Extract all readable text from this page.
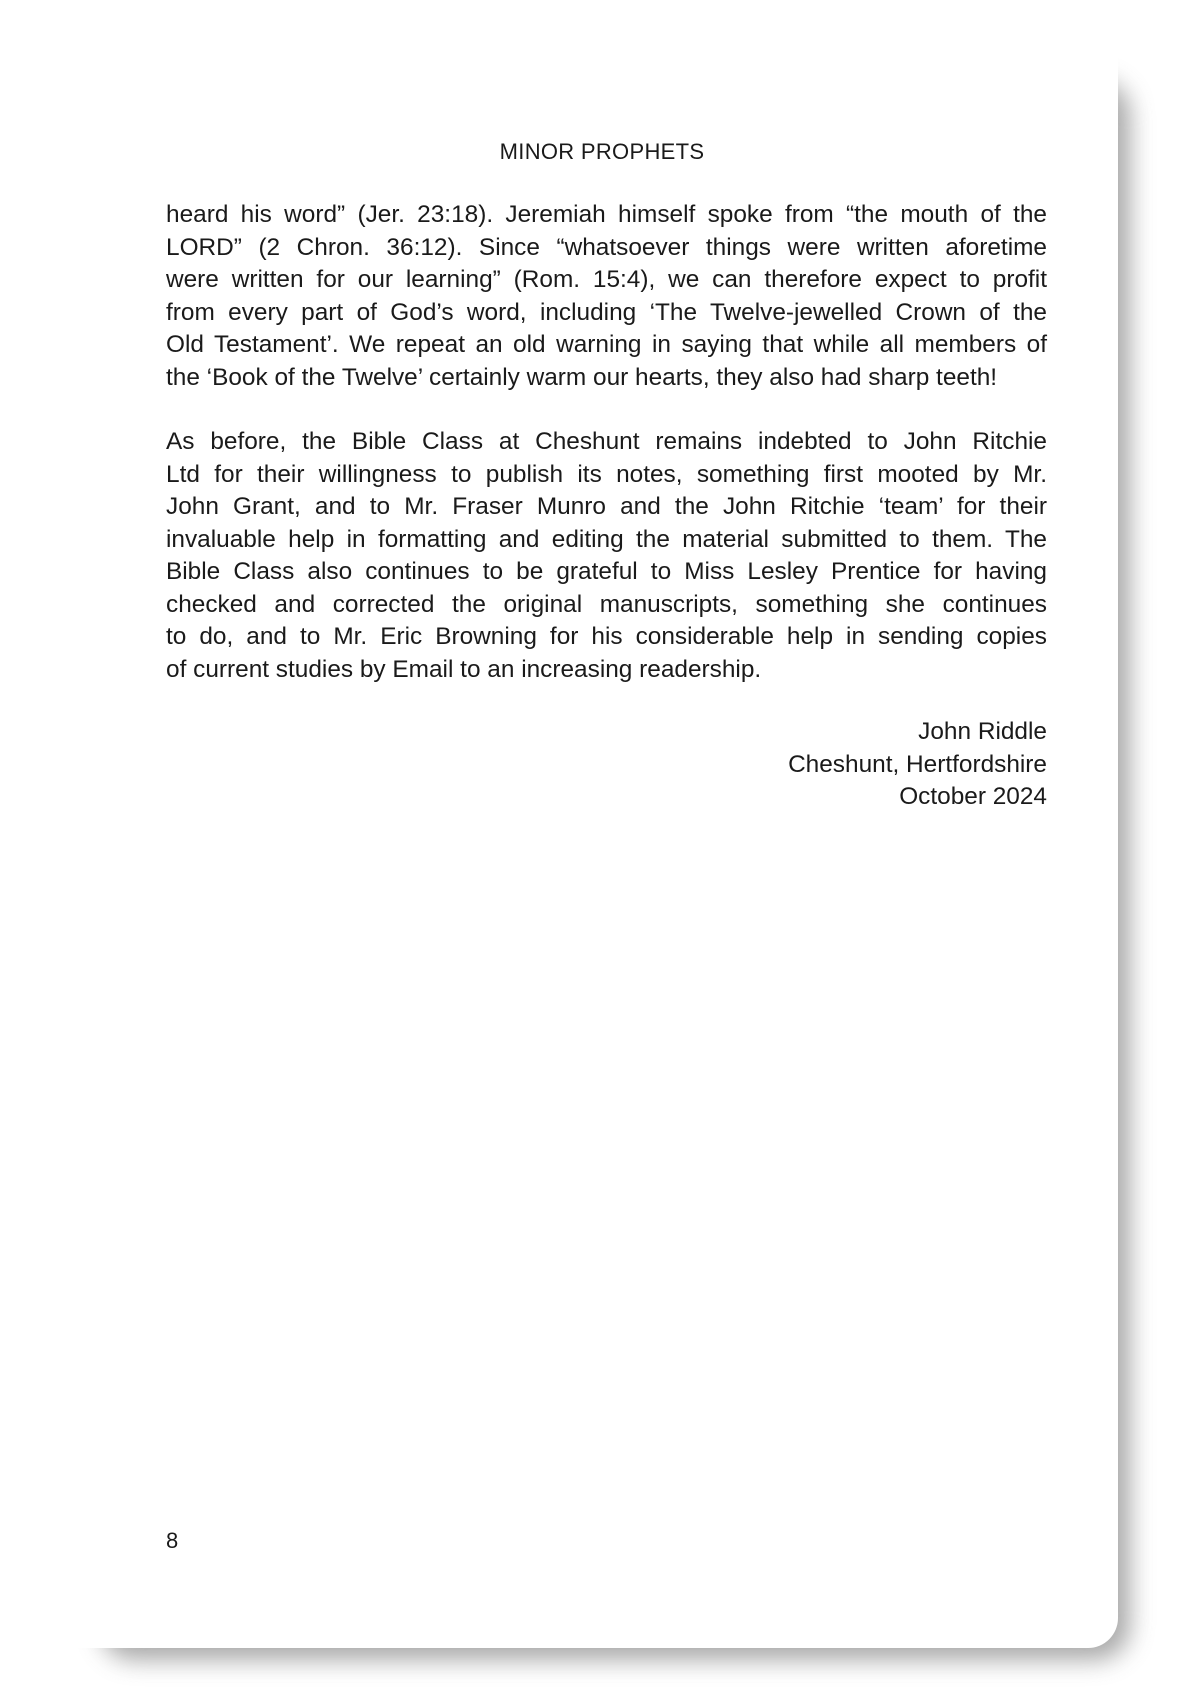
MINOR PROPHETS

heard his word” (Jer. 23:18). Jeremiah himself spoke from “the mouth of the
LORD” (2 Chron. 36:12). Since “whatsoever things were written aforetime
were written for our learning” (Rom. 15:4), we can therefore expect to profit
from every part of God’s word, including ‘The Twelve-jewelled Crown of the
Old Testament’. We repeat an old warning in saying that while all members of
the ‘Book of the Twelve’ certainly warm our hearts, they also had sharp teeth!

As before, the Bible Class at Cheshunt remains indebted to John Ritchie
Ltd for their willingness to publish its notes, something first mooted by Mr.
John Grant, and to Mr. Fraser Munro and the John Ritchie ‘team’ for their
invaluable help in formatting and editing the material submitted to them. The
Bible Class also continues to be grateful to Miss Lesley Prentice for having
checked and corrected the original manuscripts, something she continues
to do, and to Mr. Eric Browning for his considerable help in sending copies
of current studies by Email to an increasing readership.

John Riddle
Cheshunt, Hertfordshire
October 2024
8
